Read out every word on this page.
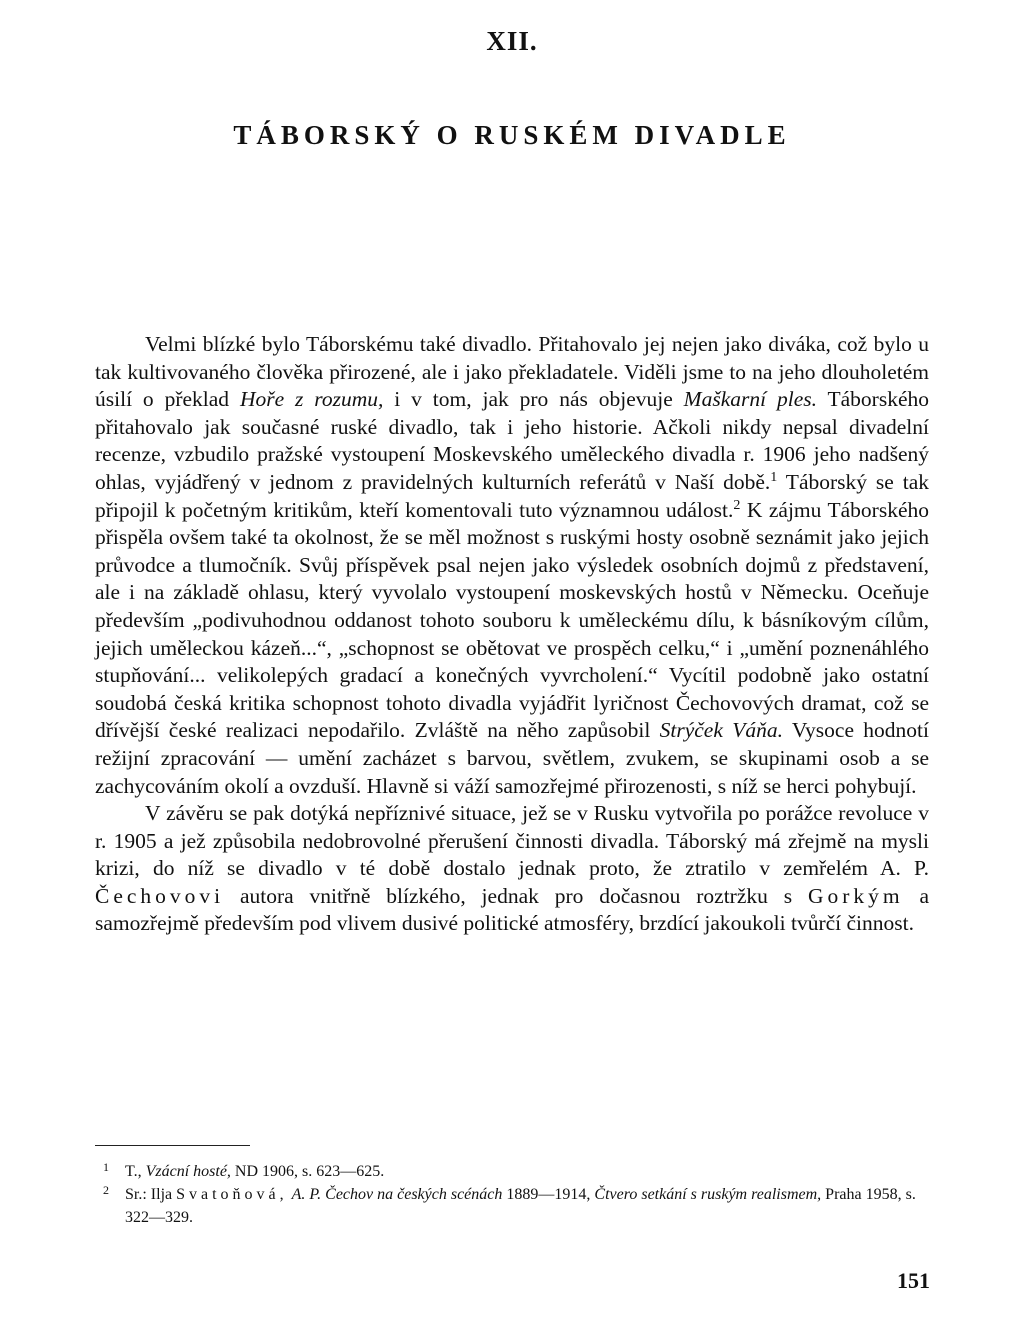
XII.
TÁBORSKÝ O RUSKÉM DIVADLE

Velmi blízké bylo Táborskému také divadlo. Přitahovalo jej nejen jako diváka, což bylo u tak kultivovaného člověka přirozené, ale i jako překladatele. Viděli jsme to na jeho dlouholetém úsilí o překlad Hoře z rozumu, i v tom, jak pro nás objevuje Maškarní ples. Táborského přitahovalo jak současné ruské divadlo, tak i jeho historie. Ačkoli nikdy nepsal divadelní recenze, vzbudilo pražské vystoupení Moskevského uměleckého divadla r. 1906 jeho nadšený ohlas, vyjádřený v jednom z pravidelných kulturních referátů v Naší době.$^1$ Táborský se tak připojil k početným kritikům, kteří komentovali tuto významnou událost.$^2$ K zájmu Táborského přispěla ovšem také ta okolnost, že se měl možnost s ruskými hosty osobně seznámit jako jejich průvodce a tlumočník. Svůj příspěvek psal nejen jako výsledek osobních dojmů z představení, ale i na základě ohlasu, který vyvolalo vystoupení moskevských hostů v Německu. Oceňuje především „podivuhodnou oddanost tohoto souboru k uměleckému dílu, k básníkovým cílům, jejich uměleckou kázeň...“, „schopnost se obětovat ve prospěch celku,“ i „umění poznenáhlého stupňování... velikolepých gradací a konečných vyvrcholení.“ Vycítil podobně jako ostatní soudobá česká kritika schopnost tohoto divadla vyjádřit lyričnost Čechovových dramat, což se dřívější české realizaci nepodařilo. Zvláště na něho zapůsobil Strýček Váňa. Vysoce hodnotí režijní zpracování — umění zacházet s barvou, světlem, zvukem, se skupinami osob a se zachycováním okolí a ovzduší. Hlavně si váží samozřejmé přirozenosti, s níž se herci pohybují.

V závěru se pak dotýká nepříznivé situace, jež se v Rusku vytvořila po porážce revoluce v r. 1905 a jež způsobila nedobrovolné přerušení činnosti divadla. Táborský má zřejmě na mysli krizi, do níž se divadlo v té době dostalo jednak proto, že ztratilo v zemřelém A. P. Čechovovi autora vnitřně blízkého, jednak pro dočasnou roztržku s Gorkým a samozřejmě především pod vlivem dusivé politické atmosféry, brzdící jakoukoli tvůrčí činnost.

1 T., Vzácní hosté, ND 1906, s. 623—625.
2 Sr.: Ilja Svatoňová, A. P. Čechov na českých scénách 1889—1914, Čtvero setkání s ruským realismem, Praha 1958, s. 322—329.
151
